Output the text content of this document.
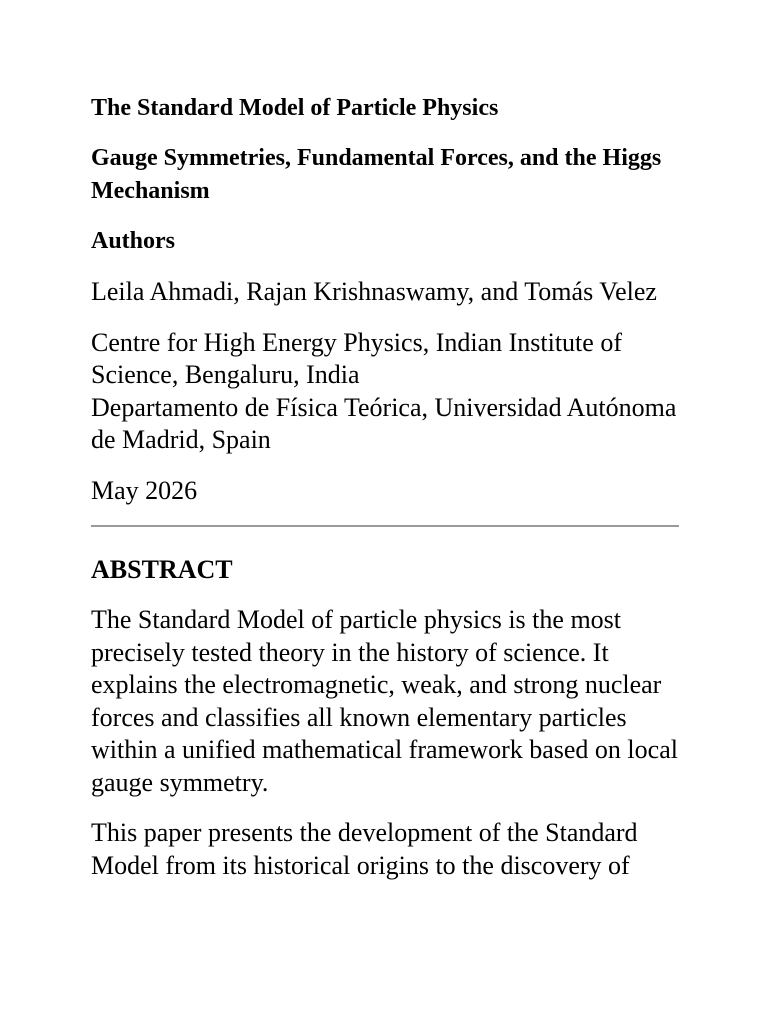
The Standard Model of Particle Physics
Gauge Symmetries, Fundamental Forces, and the Higgs Mechanism
Authors

Leila Ahmadi, Rajan Krishnaswamy, and Tomás Velez

Centre for High Energy Physics, Indian Institute of Science, Bengaluru, India
Departamento de Física Teórica, Universidad Autónoma de Madrid, Spain

May 2026

ABSTRACT

The Standard Model of particle physics is the most precisely tested theory in the history of science. It explains the electromagnetic, weak, and strong nuclear forces and classifies all known elementary particles within a unified mathematical framework based on local gauge symmetry.

This paper presents the development of the Standard Model from its historical origins to the discovery of
